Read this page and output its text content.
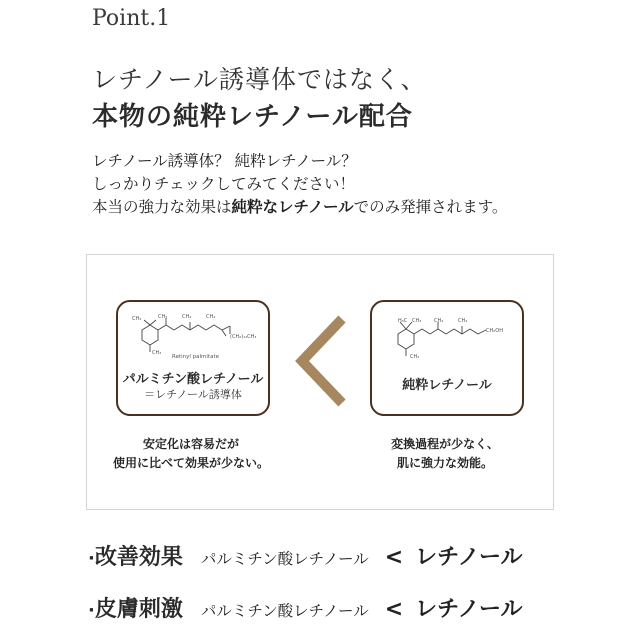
Point.1
レチノール誘導体ではなく、
本物の純粋レチノール配合
レチノール誘導体？ 純粋レチノール？
しっかりチェックしてみてください！
本当の強力な効果は純粋なレチノールでのみ発揮されます。
CH₃	CH₃	CH₃	CH₃
CH₃
(CH₂)₁₄CH₃
Retinyl palmitate
パルミチン酸レチノール
＝レチノール誘導体
H₃C CH₃	CH₃	CH₃
CH₃
CH₂OH
純粋レチノール
安定化は容易だが
使用に比べて効果が少ない。
変換過程が少なく、
肌に強力な効能。
·改善効果 パルミチン酸レチノール < レチノール
·皮膚刺激 パルミチン酸レチノール < レチノール
